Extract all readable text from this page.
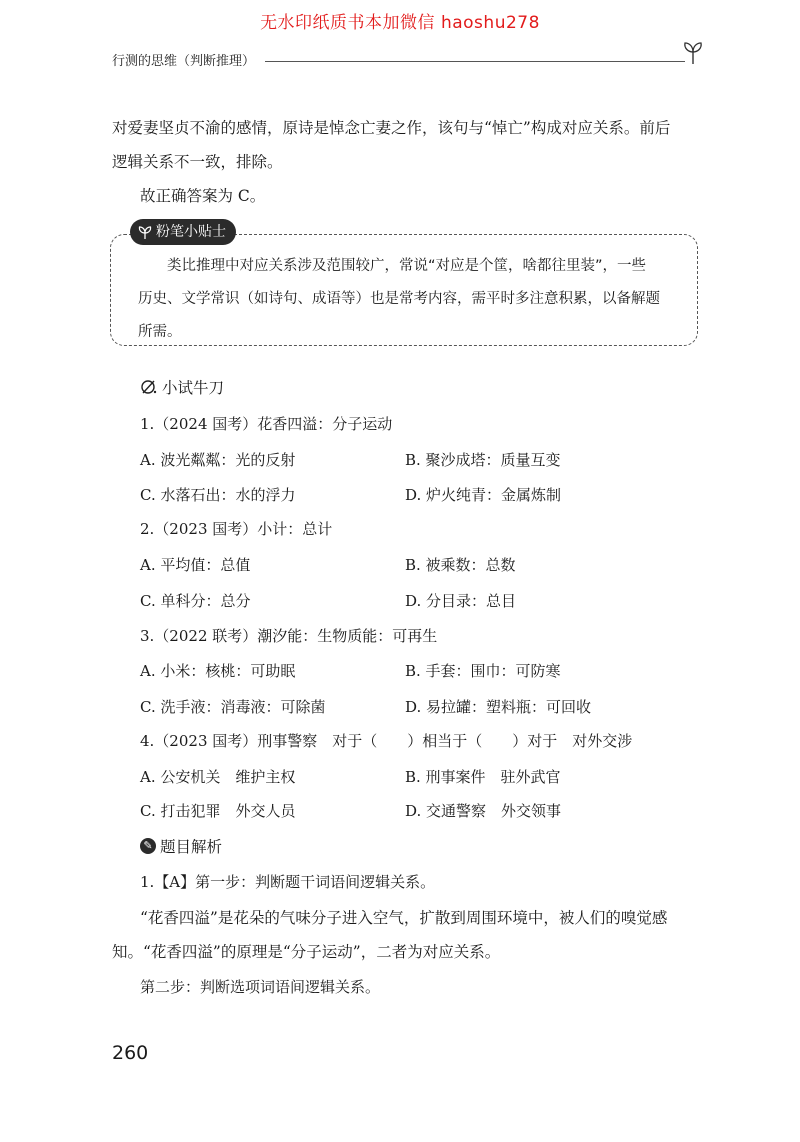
无水印纸质书本加微信 haoshu278
行测的思维（判断推理）
对爱妻坚贞不渝的感情，原诗是悼念亡妻之作，该句与“悼亡”构成对应关系。前后
逻辑关系不一致，排除。
故正确答案为 C。
粉笔小贴士
类比推理中对应关系涉及范围较广，常说“对应是个筐，啥都往里装”，一些
历史、文学常识（如诗句、成语等）也是常考内容，需平时多注意积累，以备解题
所需。
小试牛刀
1.（2024 国考）花香四溢：分子运动
A. 波光粼粼：光的反射	B. 聚沙成塔：质量互变
C. 水落石出：水的浮力	D. 炉火纯青：金属炼制
2.（2023 国考）小计：总计
A. 平均值：总值	B. 被乘数：总数
C. 单科分：总分	D. 分目录：总目
3.（2022 联考）潮汐能：生物质能：可再生
A. 小米：核桃：可助眠	B. 手套：围巾：可防寒
C. 洗手液：消毒液：可除菌	D. 易拉罐：塑料瓶：可回收
4.（2023 国考）刑事警察　对于（　　）相当于（　　）对于　对外交涉
A. 公安机关　维护主权	B. 刑事案件　驻外武官
C. 打击犯罪　外交人员	D. 交通警察　外交领事
✎ 题目解析
1.【A】第一步：判断题干词语间逻辑关系。
“花香四溢”是花朵的气味分子进入空气，扩散到周围环境中，被人们的嗅觉感
知。“花香四溢”的原理是“分子运动”，二者为对应关系。
第二步：判断选项词语间逻辑关系。
260
